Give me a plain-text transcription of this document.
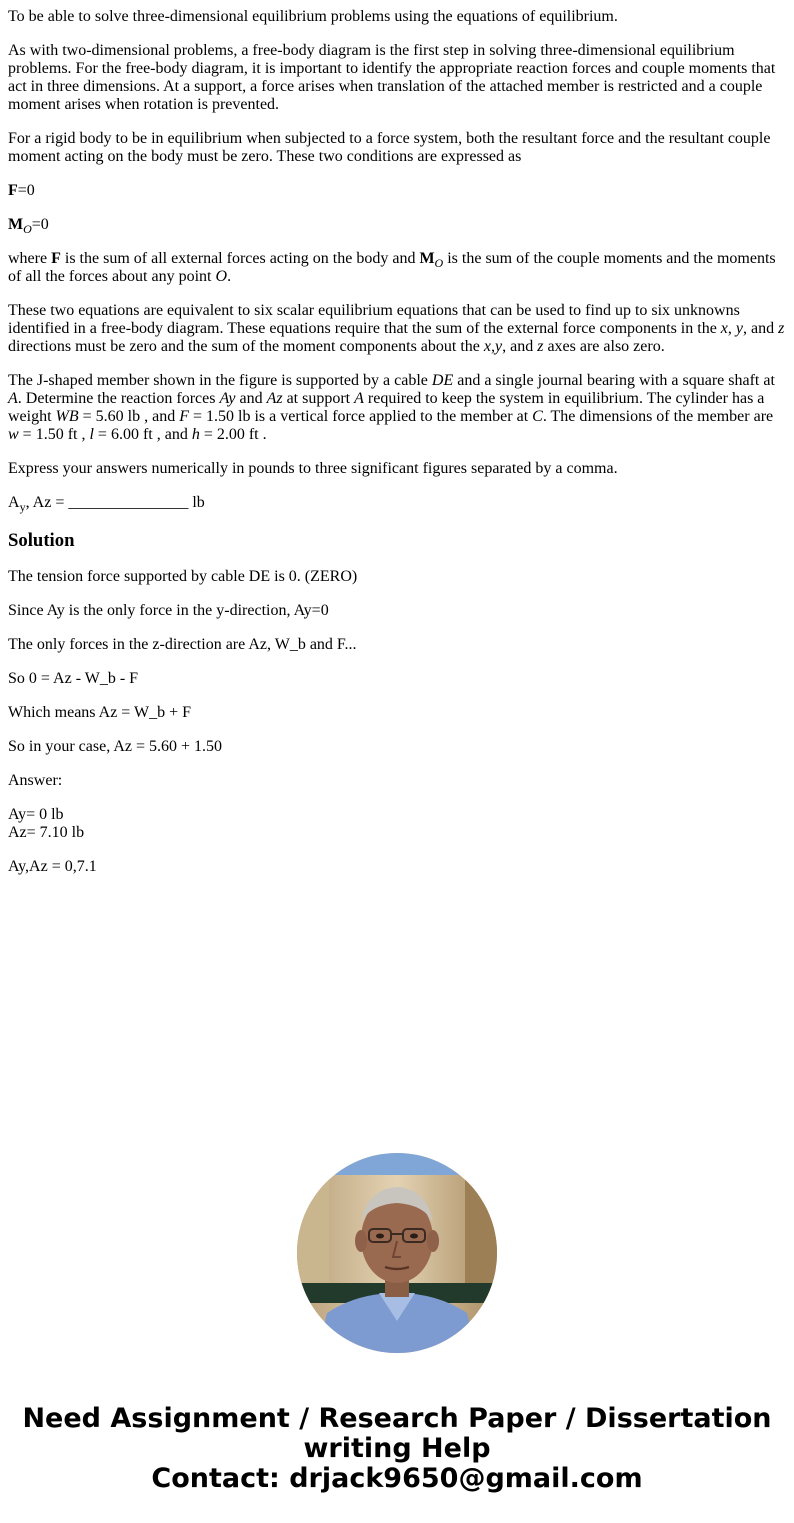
To be able to solve three-dimensional equilibrium problems using the equations of equilibrium.

As with two-dimensional problems, a free-body diagram is the first step in solving three-dimensional equilibrium problems. For the free-body diagram, it is important to identify the appropriate reaction forces and couple moments that act in three dimensions. At a support, a force arises when translation of the attached member is restricted and a couple moment arises when rotation is prevented.

For a rigid body to be in equilibrium when subjected to a force system, both the resultant force and the resultant couple moment acting on the body must be zero. These two conditions are expressed as

F=0

$M_O=0$

where F is the sum of all external forces acting on the body and $M_O$ is the sum of the couple moments and the moments of all the forces about any point O.

These two equations are equivalent to six scalar equilibrium equations that can be used to find up to six unknowns identified in a free-body diagram. These equations require that the sum of the external force components in the x, y, and z directions must be zero and the sum of the moment components about the x,y, and z axes are also zero.

The J-shaped member shown in the figure is supported by a cable DE and a single journal bearing with a square shaft at A. Determine the reaction forces Ay and Az at support A required to keep the system in equilibrium. The cylinder has a weight WB = 5.60 lb , and F = 1.50 lb is a vertical force applied to the member at C. The dimensions of the member are w = 1.50 ft , l = 6.00 ft , and h = 2.00 ft .

Express your answers numerically in pounds to three significant figures separated by a comma.

$A_y$, Az = _______________ lb

Solution

The tension force supported by cable DE is 0. (ZERO)

Since Ay is the only force in the y-direction, Ay=0

The only forces in the z-direction are Az, W_b and F...

So 0 = Az - W_b - F

Which means Az = W_b + F

So in your case, Az = 5.60 + 1.50

Answer:

Ay= 0 lb
Az= 7.10 lb

Ay,Az = 0,7.1

Need Assignment / Research Paper / Dissertation
writing Help
Contact: drjack9650@gmail.com
